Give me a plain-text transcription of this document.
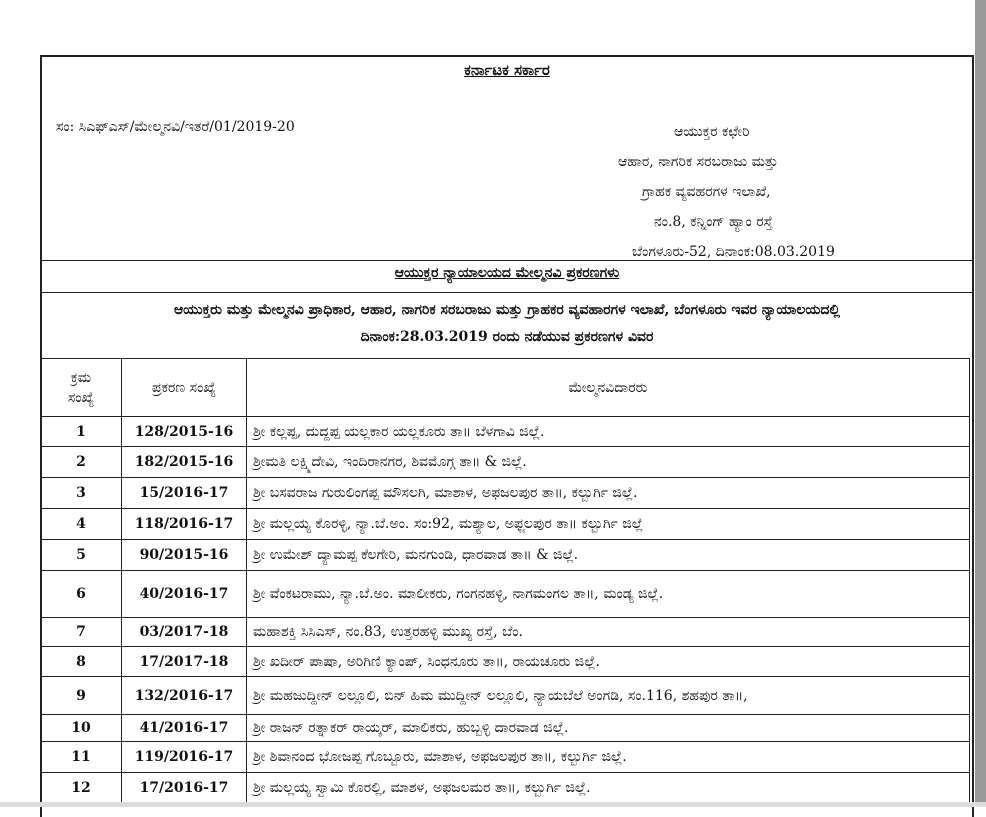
ಕರ್ನಾಟಕ ಸರ್ಕಾರ
ಸಂ: ಸಿಎಫ್‌ಎಸ್/ಮೇಲ್ಮನವಿ/ಇತರೆ/01/2019-20	ಆಯುಕ್ತರ ಕಛೇರಿ
ಆಹಾರ, ನಾಗರಿಕ ಸರಬರಾಜು ಮತ್ತು
ಗ್ರಾಹಕ ವ್ಯವಹರಗಳ ಇಲಾಖೆ,
ನಂ.8, ಕನ್ನಿಂಗ್ ಹ್ಯಾಂ ರಸ್ತೆ
ಬೆಂಗಳೂರು-52, ದಿನಾಂಕ:08.03.2019
ಆಯುಕ್ತರ ನ್ಯಾಯಾಲಯದ ಮೇಲ್ಮನವಿ ಪ್ರಕರಣಗಳು
ಆಯುಕ್ತರು ಮತ್ತು ಮೇಲ್ಮನವಿ ಪ್ರಾಧಿಕಾರ, ಆಹಾರ, ನಾಗರಿಕ ಸರಬರಾಜು ಮತ್ತು ಗ್ರಾಹಕರ ವ್ಯವಹಾರಗಳ ಇಲಾಖೆ, ಬೆಂಗಳೂರು ಇವರ ನ್ಯಾಯಾಲಯದಲ್ಲಿ
ದಿನಾಂಕ:28.03.2019 ರಂದು ನಡೆಯುವ ಪ್ರಕರಣಗಳ ವಿವರ
ಕ್ರಮ
ಸಂಖ್ಯೆ	ಪ್ರಕರಣ ಸಂಖ್ಯೆ	ಮೇಲ್ಮನವಿದಾರರು
1	128/2015-16	ಶ್ರೀ ಕಲ್ಲಪ್ಪ, ದುದ್ದಪ್ಪ ಯಲ್ಲಕಾರ ಯಲ್ಲಕೂರು ತಾ॥ ಬೆಳಗಾವಿ ಜಿಲ್ಲೆ.
2	182/2015-16	ಶ್ರೀಮತಿ ಲಕ್ಷ್ಮಿದೇವಿ, ಇಂದಿರಾನಗರ, ಶಿವಮೊಗ್ಗ ತಾ॥ & ಜಿಲ್ಲೆ.
3	15/2016-17	ಶ್ರೀ ಬಸವರಾಜ ಗುರುಲಿಂಗಪ್ಪ ಮೌಸಲಗಿ, ಮಾಶಾಳ, ಅಫಜಲಪುರ ತಾ॥, ಕಲ್ಬುರ್ಗಿ ಜಿಲ್ಲೆ.
4	118/2016-17	ಶ್ರೀ ಮಲ್ಲಯ್ಯ ಕೊರಳ್ಳಿ, ನ್ಯಾ.ಬೆ.ಅಂ. ಸಂ:92, ಮಶ್ಯಾಲ, ಅಫ್ಜಲಪುರ ತಾ॥ ಕಲ್ಬುರ್ಗಿ ಜಿಲ್ಲೆ
5	90/2015-16	ಶ್ರೀ ಉಮೇಶ್ ದ್ಯಾಮಪ್ಪ ಕೆಲಗೇರಿ, ಮನಗುಂಡಿ, ಧಾರವಾಡ ತಾ॥ & ಜಿಲ್ಲೆ.
6	40/2016-17	ಶ್ರೀ ವೆಂಕಟರಾಮು, ನ್ಯಾ.ಬೆ.ಅಂ. ಮಾಲೀಕರು, ಗಂಗನಹಳ್ಳಿ, ನಾಗಮಂಗಲ ತಾ॥, ಮಂಡ್ಯ ಜಿಲ್ಲೆ.
7	03/2017-18	ಮಹಾಶಕ್ತಿ ಸಿಸಿಎಸ್, ನಂ.83, ಉತ್ತರಹಳ್ಳಿ ಮುಖ್ಯ ರಸ್ತೆ, ಬೆಂ.
8	17/2017-18	ಶ್ರೀ ಖದೀರ್ ಪಾಷಾ, ಅರಿಗಿಣಿ ಕ್ಯಾಂಪ್, ಸಿಂಧನೂರು ತಾ॥, ರಾಯಚೂರು ಜಿಲ್ಲೆ.
9	132/2016-17	ಶ್ರೀ ಮಹಜುದ್ದೀನ್ ಲಲ್ಲೂಲಿ, ಬಿನ್ ಹಿಮ ಮುದ್ದೀನ್ ಲಲ್ಲೂಲಿ, ನ್ಯಾಯಬೆಲೆ ಅಂಗಡಿ, ಸಂ.116, ಶಹಪುರ ತಾ॥,
10	41/2016-17	ಶ್ರೀ ರಾಜನ್ ರತ್ನಾಕರ್ ರಾಯ್ಕರ್, ಮಾಲಿಕರು, ಹುಬ್ಬಳ್ಳಿ ದಾರವಾಡ ಜಿಲ್ಲೆ.
11	119/2016-17	ಶ್ರೀ ಶಿವಾನಂದ ಭೋಜಪ್ಪ ಗೊಬ್ಬೂರು, ಮಾಶಾಳ, ಅಫಜಲಪುರ ತಾ॥, ಕಲ್ಬುರ್ಗಿ ಜಿಲ್ಲೆ.
12	17/2016-17	ಶ್ರೀ ಮಲ್ಲಯ್ಯ ಸ್ವಾಮಿ ಕೊರಲ್ಲಿ, ಮಾಶಳ, ಅಫಜಲಮರ ತಾ॥, ಕಲ್ಬುರ್ಗಿ ಜಿಲ್ಲೆ.
